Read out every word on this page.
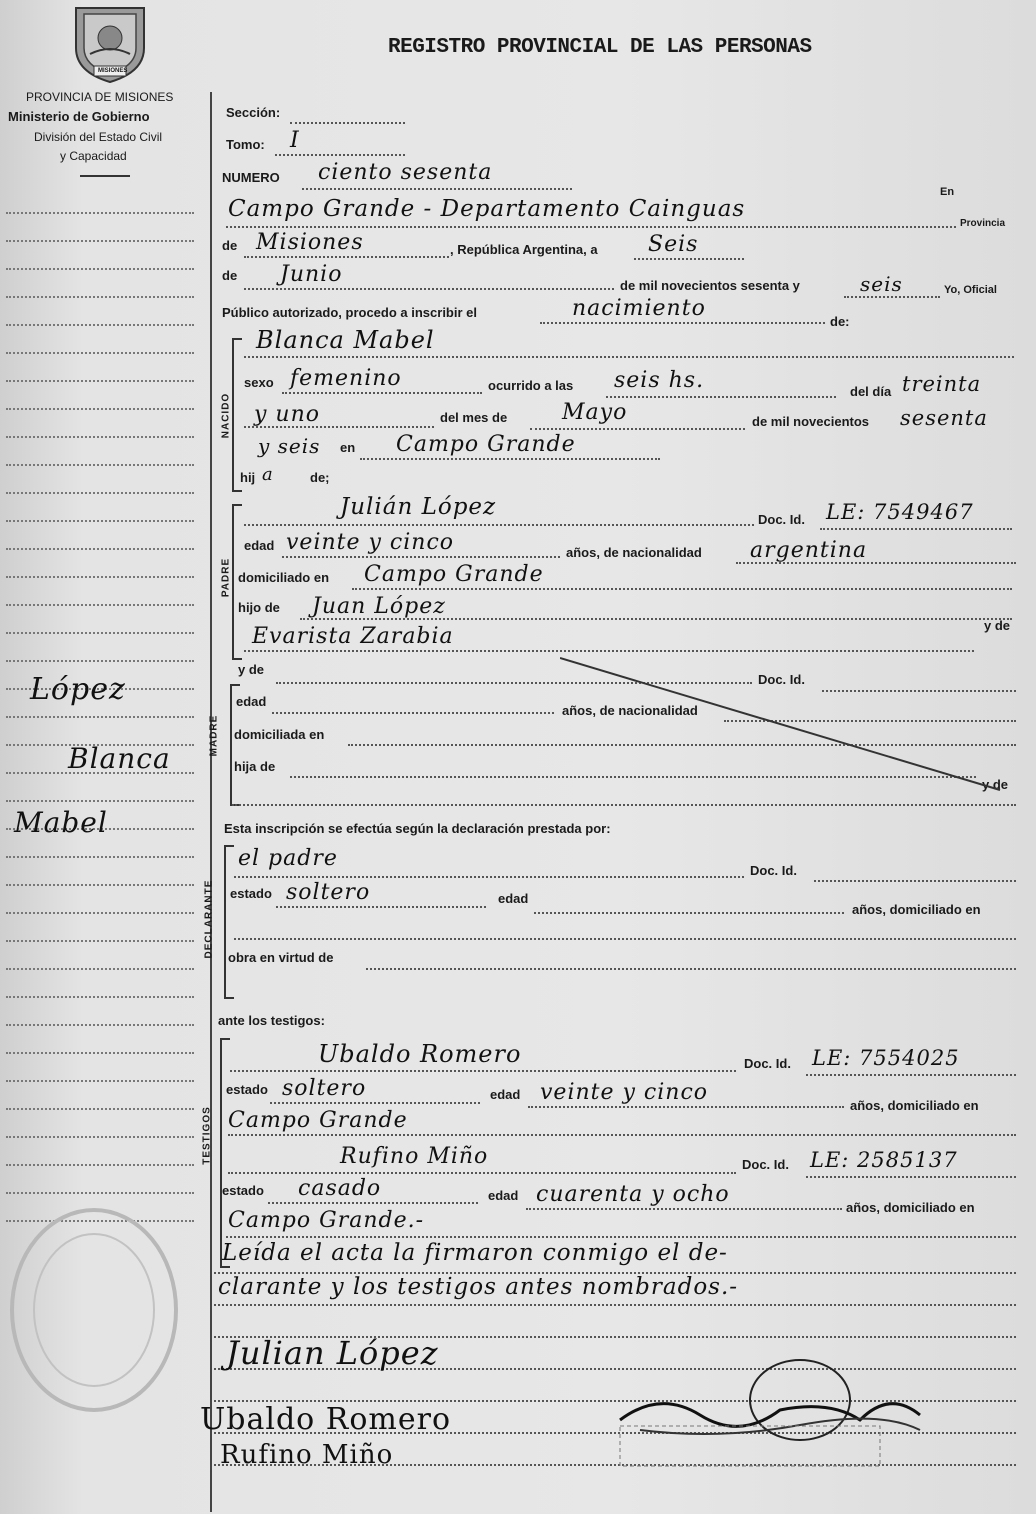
MISIONES
PROVINCIA DE MISIONES
Ministerio de Gobierno
División del Estado Civil
y Capacidad
REGISTRO PROVINCIAL DE LAS PERSONAS
López
Blanca
Mabel
Sección:
Tomo: I
NUMERO ciento sesenta
En
Campo Grande - Departamento Cainguas
Provincia
de Misiones	, República Argentina, a Seis
de Junio	de mil novecientos sesenta y	seis	Yo, Oficial
Público autorizado, procedo a inscribir el	nacimiento
de:
NACIDO
Blanca Mabel
sexo femenino	ocurrido a las seis hs.	del día treinta
y uno	del mes de Mayo	de mil novecientos sesenta
y seis en Campo Grande
hij a	de;
PADRE
Julián López	Doc. Id. LE: 7549467
edad veinte y cinco	años, de nacionalidad argentina
domiciliado en Campo Grande
hijo de Juan López
Evarista Zarabia	y de
y de
MADRE
Doc. Id.
edad
años, de nacionalidad
domiciliada en
hija de
y de
Esta inscripción se efectúa según la declaración prestada por:
DECLARANTE
el padre	Doc. Id.
estado soltero	edad
años, domiciliado en
obra en virtud de
ante los testigos:
TESTIGOS
Ubaldo Romero	Doc. Id. LE: 7554025
estado soltero	edad veinte y cinco
años, domiciliado en
Campo Grande
Rufino Miño	Doc. Id. LE: 2585137
estado casado	edad cuarenta y ocho
años, domiciliado en
Campo Grande.-
Leída el acta la firmaron conmigo el de-
clarante y los testigos antes nombrados.-
Julian López
Ubaldo Romero
Rufino Miño
